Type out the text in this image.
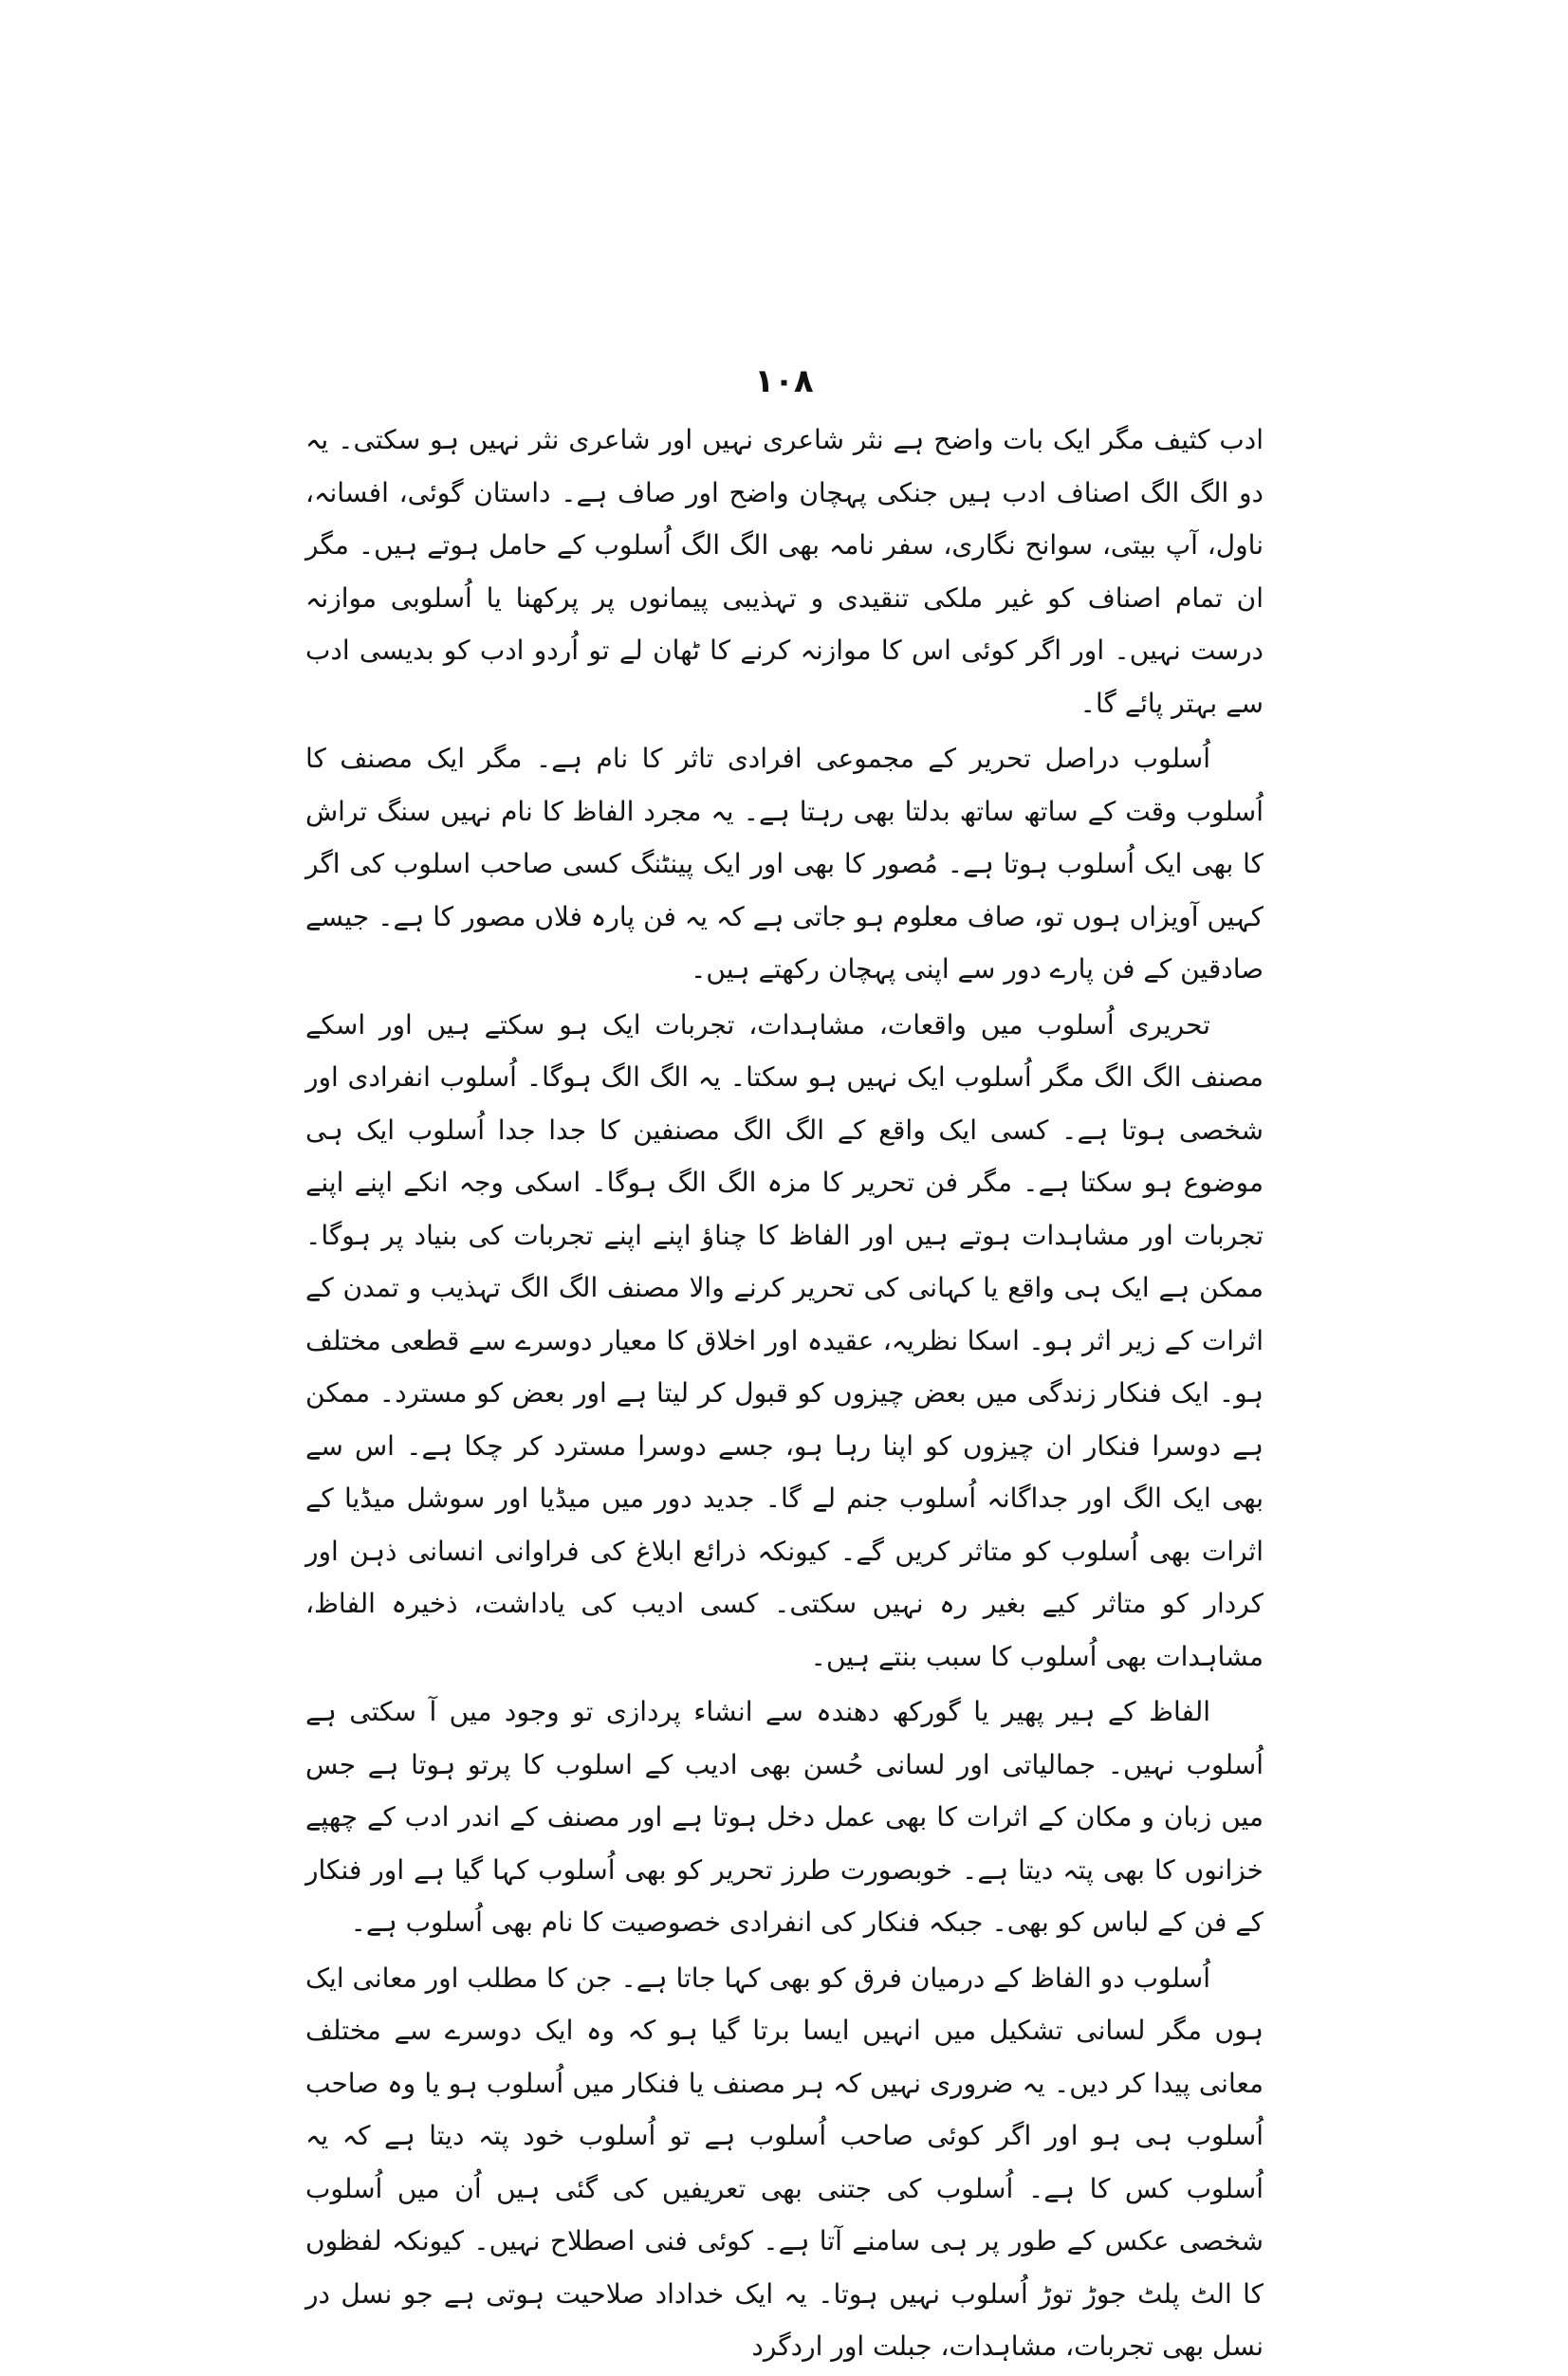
۱۰۸

ادب کثیف مگر ایک بات واضح ہے نثر شاعری نہیں اور شاعری نثر نہیں ہو سکتی۔ یہ دو الگ الگ اصناف ادب ہیں جنکی پہچان واضح اور صاف ہے۔ داستان گوئی، افسانہ، ناول، آپ بیتی، سوانح نگاری، سفر نامہ بھی الگ الگ اُسلوب کے حامل ہوتے ہیں۔ مگر ان تمام اصناف کو غیر ملکی تنقیدی و تہذیبی پیمانوں پر پرکھنا یا اُسلوبی موازنہ درست نہیں۔ اور اگر کوئی اس کا موازنہ کرنے کا ٹھان لے تو اُردو ادب کو بدیسی ادب سے بہتر پائے گا۔

اُسلوب دراصل تحریر کے مجموعی افرادی تاثر کا نام ہے۔ مگر ایک مصنف کا اُسلوب وقت کے ساتھ ساتھ بدلتا بھی رہتا ہے۔ یہ مجرد الفاظ کا نام نہیں سنگ تراش کا بھی ایک اُسلوب ہوتا ہے۔ مُصور کا بھی اور ایک پینٹنگ کسی صاحب اسلوب کی اگر کہیں آویزاں ہوں تو، صاف معلوم ہو جاتی ہے کہ یہ فن پارہ فلاں مصور کا ہے۔ جیسے صادقین کے فن پارے دور سے اپنی پہچان رکھتے ہیں۔

تحریری اُسلوب میں واقعات، مشاہدات، تجربات ایک ہو سکتے ہیں اور اسکے مصنف الگ الگ مگر اُسلوب ایک نہیں ہو سکتا۔ یہ الگ الگ ہوگا۔ اُسلوب انفرادی اور شخصی ہوتا ہے۔ کسی ایک واقع کے الگ الگ مصنفین کا جدا جدا اُسلوب ایک ہی موضوع ہو سکتا ہے۔ مگر فن تحریر کا مزہ الگ الگ ہوگا۔ اسکی وجہ انکے اپنے اپنے تجربات اور مشاہدات ہوتے ہیں اور الفاظ کا چناؤ اپنے اپنے تجربات کی بنیاد پر ہوگا۔ ممکن ہے ایک ہی واقع یا کہانی کی تحریر کرنے والا مصنف الگ الگ تہذیب و تمدن کے اثرات کے زیر اثر ہو۔ اسکا نظریہ، عقیدہ اور اخلاق کا معیار دوسرے سے قطعی مختلف ہو۔ ایک فنکار زندگی میں بعض چیزوں کو قبول کر لیتا ہے اور بعض کو مسترد۔ ممکن ہے دوسرا فنکار ان چیزوں کو اپنا رہا ہو، جسے دوسرا مسترد کر چکا ہے۔ اس سے بھی ایک الگ اور جداگانہ اُسلوب جنم لے گا۔ جدید دور میں میڈیا اور سوشل میڈیا کے اثرات بھی اُسلوب کو متاثر کریں گے۔ کیونکہ ذرائع ابلاغ کی فراوانی انسانی ذہن اور کردار کو متاثر کیے بغیر رہ نہیں سکتی۔ کسی ادیب کی یاداشت، ذخیرہ الفاظ، مشاہدات بھی اُسلوب کا سبب بنتے ہیں۔

الفاظ کے ہیر پھیر یا گورکھ دھندہ سے انشاء پردازی تو وجود میں آ سکتی ہے اُسلوب نہیں۔ جمالیاتی اور لسانی حُسن بھی ادیب کے اسلوب کا پرتو ہوتا ہے جس میں زبان و مکان کے اثرات کا بھی عمل دخل ہوتا ہے اور مصنف کے اندر ادب کے چھپے خزانوں کا بھی پتہ دیتا ہے۔ خوبصورت طرز تحریر کو بھی اُسلوب کہا گیا ہے اور فنکار کے فن کے لباس کو بھی۔ جبکہ فنکار کی انفرادی خصوصیت کا نام بھی اُسلوب ہے۔

اُسلوب دو الفاظ کے درمیان فرق کو بھی کہا جاتا ہے۔ جن کا مطلب اور معانی ایک ہوں مگر لسانی تشکیل میں انہیں ایسا برتا گیا ہو کہ وہ ایک دوسرے سے مختلف معانی پیدا کر دیں۔ یہ ضروری نہیں کہ ہر مصنف یا فنکار میں اُسلوب ہو یا وہ صاحب اُسلوب ہی ہو اور اگر کوئی صاحب اُسلوب ہے تو اُسلوب خود پتہ دیتا ہے کہ یہ اُسلوب کس کا ہے۔ اُسلوب کی جتنی بھی تعریفیں کی گئی ہیں اُن میں اُسلوب شخصی عکس کے طور پر ہی سامنے آتا ہے۔ کوئی فنی اصطلاح نہیں۔ کیونکہ لفظوں کا الٹ پلٹ جوڑ توڑ اُسلوب نہیں ہوتا۔ یہ ایک خداداد صلاحیت ہوتی ہے جو نسل در نسل بھی تجربات، مشاہدات، جبلت اور اردگرد
